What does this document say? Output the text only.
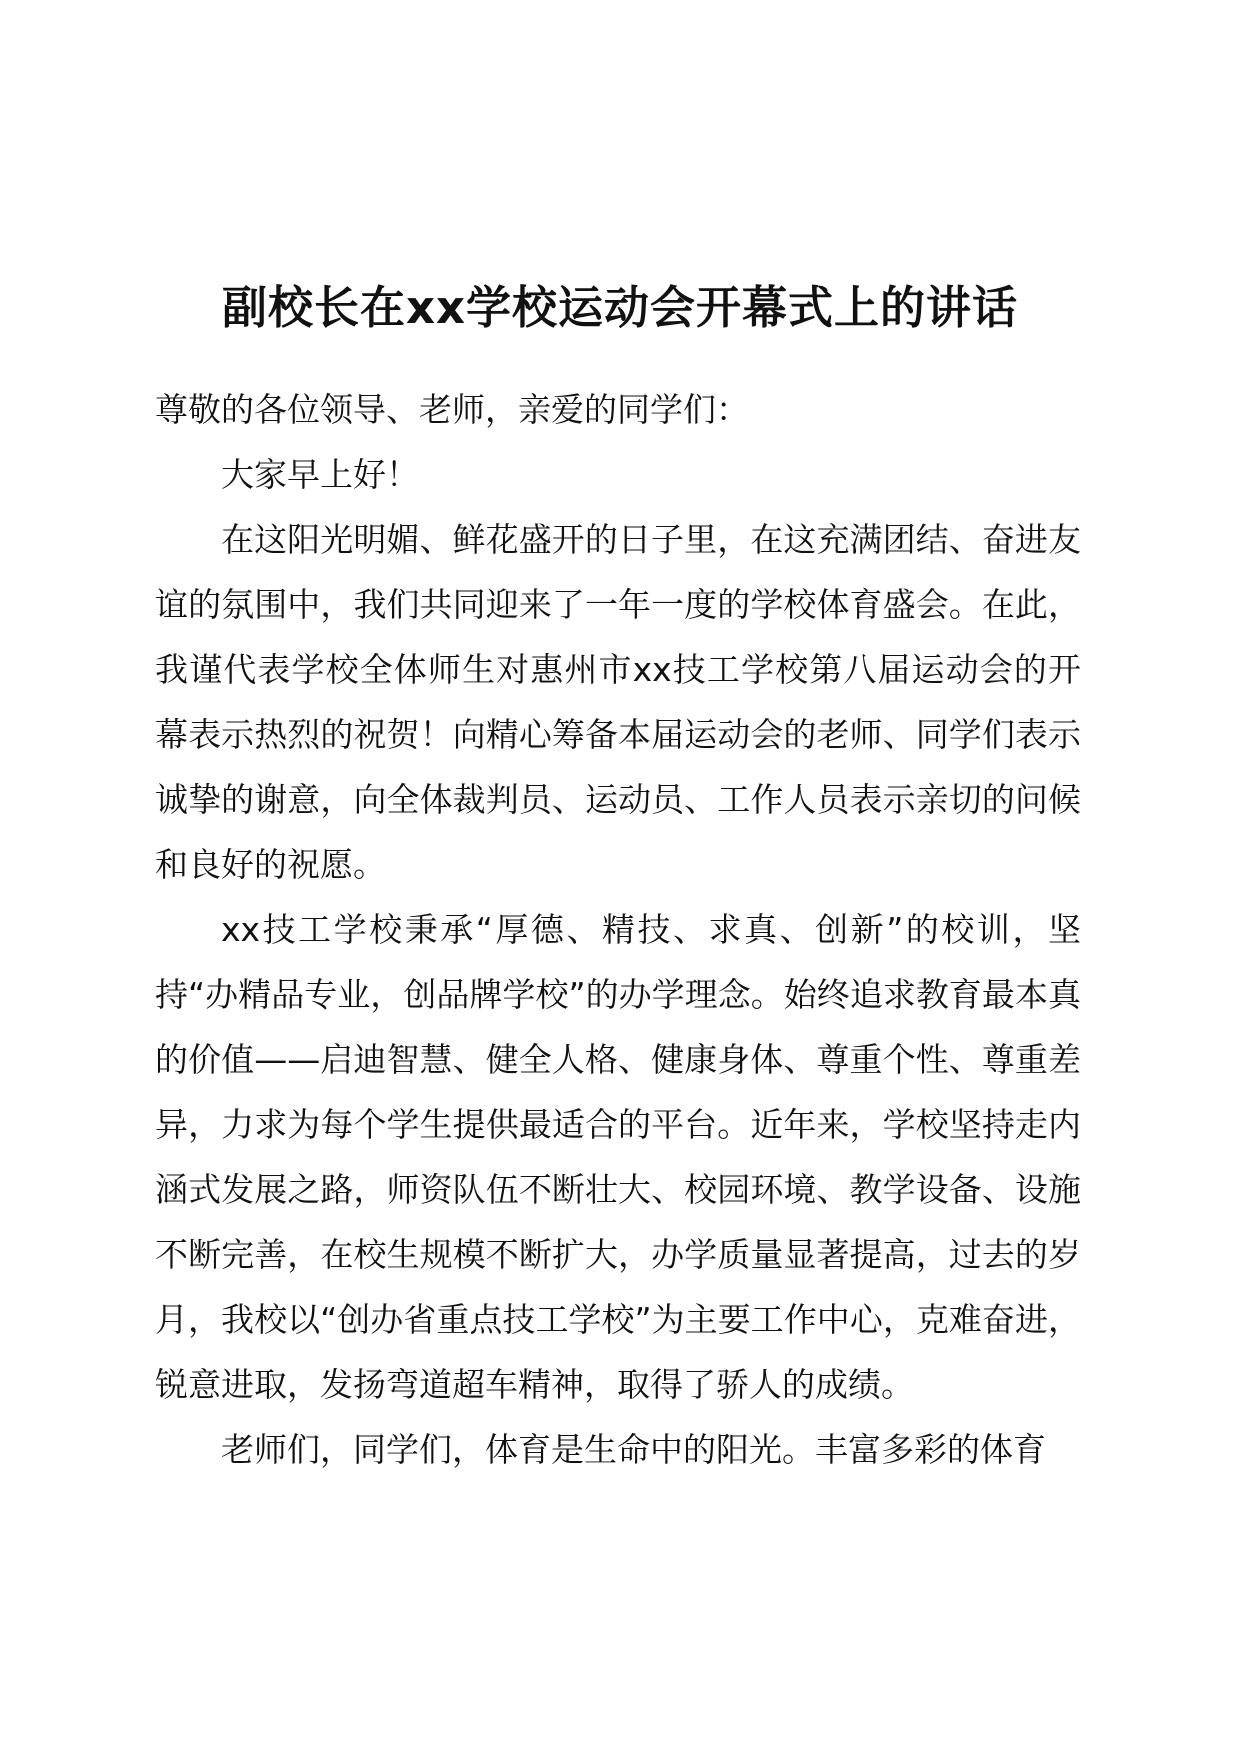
副校长在xx学校运动会开幕式上的讲话

尊敬的各位领导、老师，亲爱的同学们：

大家早上好！

在这阳光明媚、鲜花盛开的日子里，在这充满团结、奋进友谊的氛围中，我们共同迎来了一年一度的学校体育盛会。在此，我谨代表学校全体师生对惠州市xx技工学校第八届运动会的开幕表示热烈的祝贺！向精心筹备本届运动会的老师、同学们表示诚挚的谢意，向全体裁判员、运动员、工作人员表示亲切的问候和良好的祝愿。

xx技工学校秉承“厚德、精技、求真、创新”的校训，坚持“办精品专业，创品牌学校”的办学理念。始终追求教育最本真的价值——启迪智慧、健全人格、健康身体、尊重个性、尊重差异，力求为每个学生提供最适合的平台。近年来，学校坚持走内涵式发展之路，师资队伍不断壮大、校园环境、教学设备、设施不断完善，在校生规模不断扩大，办学质量显著提高，过去的岁月，我校以“创办省重点技工学校”为主要工作中心，克难奋进，锐意进取，发扬弯道超车精神，取得了骄人的成绩。

老师们，同学们，体育是生命中的阳光。丰富多彩的体育
